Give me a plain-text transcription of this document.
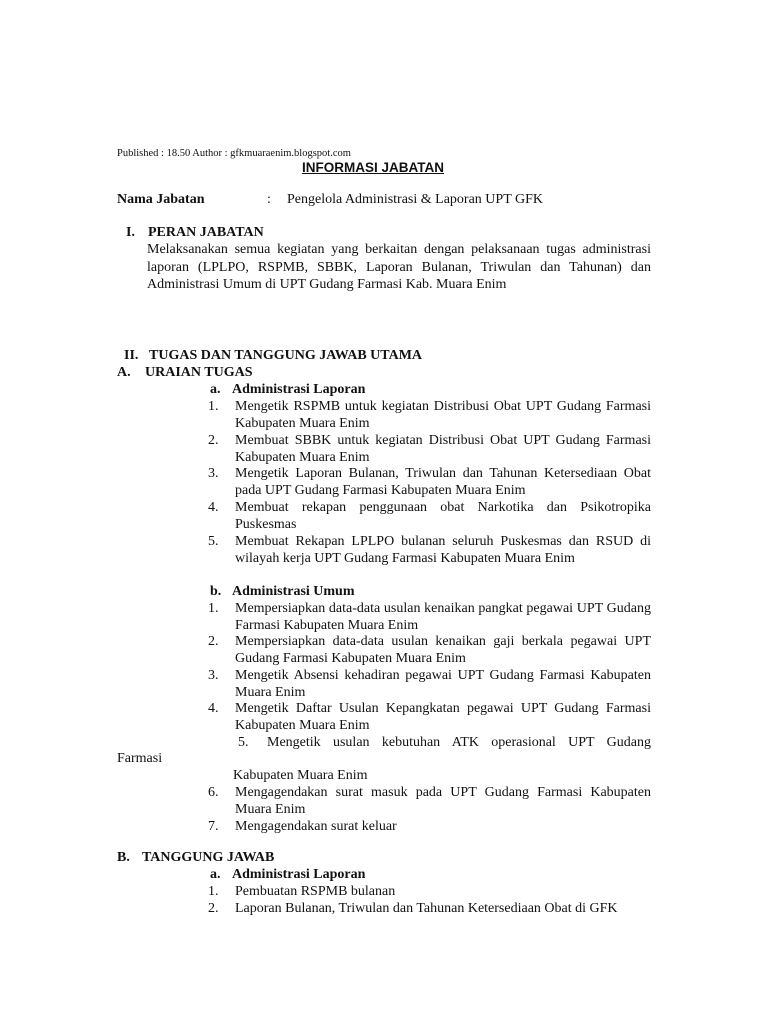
Published : 18.50 Author : gfkmuaraenim.blogspot.com
INFORMASI JABATAN
Nama Jabatan	: Pengelola Administrasi & Laporan UPT GFK
I. PERAN JABATAN
Melaksanakan semua kegiatan yang berkaitan dengan pelaksanaan tugas administrasi laporan (LPLPO, RSPMB, SBBK, Laporan Bulanan, Triwulan dan Tahunan) dan Administrasi Umum di UPT Gudang Farmasi Kab. Muara Enim
II. TUGAS DAN TANGGUNG JAWAB UTAMA
A. URAIAN TUGAS
a. Administrasi Laporan
1. Mengetik RSPMB untuk kegiatan Distribusi Obat UPT Gudang Farmasi Kabupaten Muara Enim
2. Membuat SBBK untuk kegiatan Distribusi Obat UPT Gudang Farmasi Kabupaten Muara Enim
3. Mengetik Laporan Bulanan, Triwulan dan Tahunan Ketersediaan Obat pada UPT Gudang Farmasi Kabupaten Muara Enim
4. Membuat rekapan penggunaan obat Narkotika dan Psikotropika Puskesmas
5. Membuat Rekapan LPLPO bulanan seluruh Puskesmas dan RSUD di wilayah kerja UPT Gudang Farmasi Kabupaten Muara Enim
b. Administrasi Umum
1. Mempersiapkan data-data usulan kenaikan pangkat pegawai UPT Gudang Farmasi Kabupaten Muara Enim
2. Mempersiapkan data-data usulan kenaikan gaji berkala pegawai UPT Gudang Farmasi Kabupaten Muara Enim
3. Mengetik Absensi kehadiran pegawai UPT Gudang Farmasi Kabupaten Muara Enim
4. Mengetik Daftar Usulan Kepangkatan pegawai UPT Gudang Farmasi Kabupaten Muara Enim
5. Mengetik usulan kebutuhan ATK operasional UPT Gudang
Farmasi
Kabupaten Muara Enim
6. Mengagendakan surat masuk pada UPT Gudang Farmasi Kabupaten Muara Enim
7. Mengagendakan surat keluar
B. TANGGUNG JAWAB
a. Administrasi Laporan
1. Pembuatan RSPMB bulanan
2. Laporan Bulanan, Triwulan dan Tahunan Ketersediaan Obat di GFK
